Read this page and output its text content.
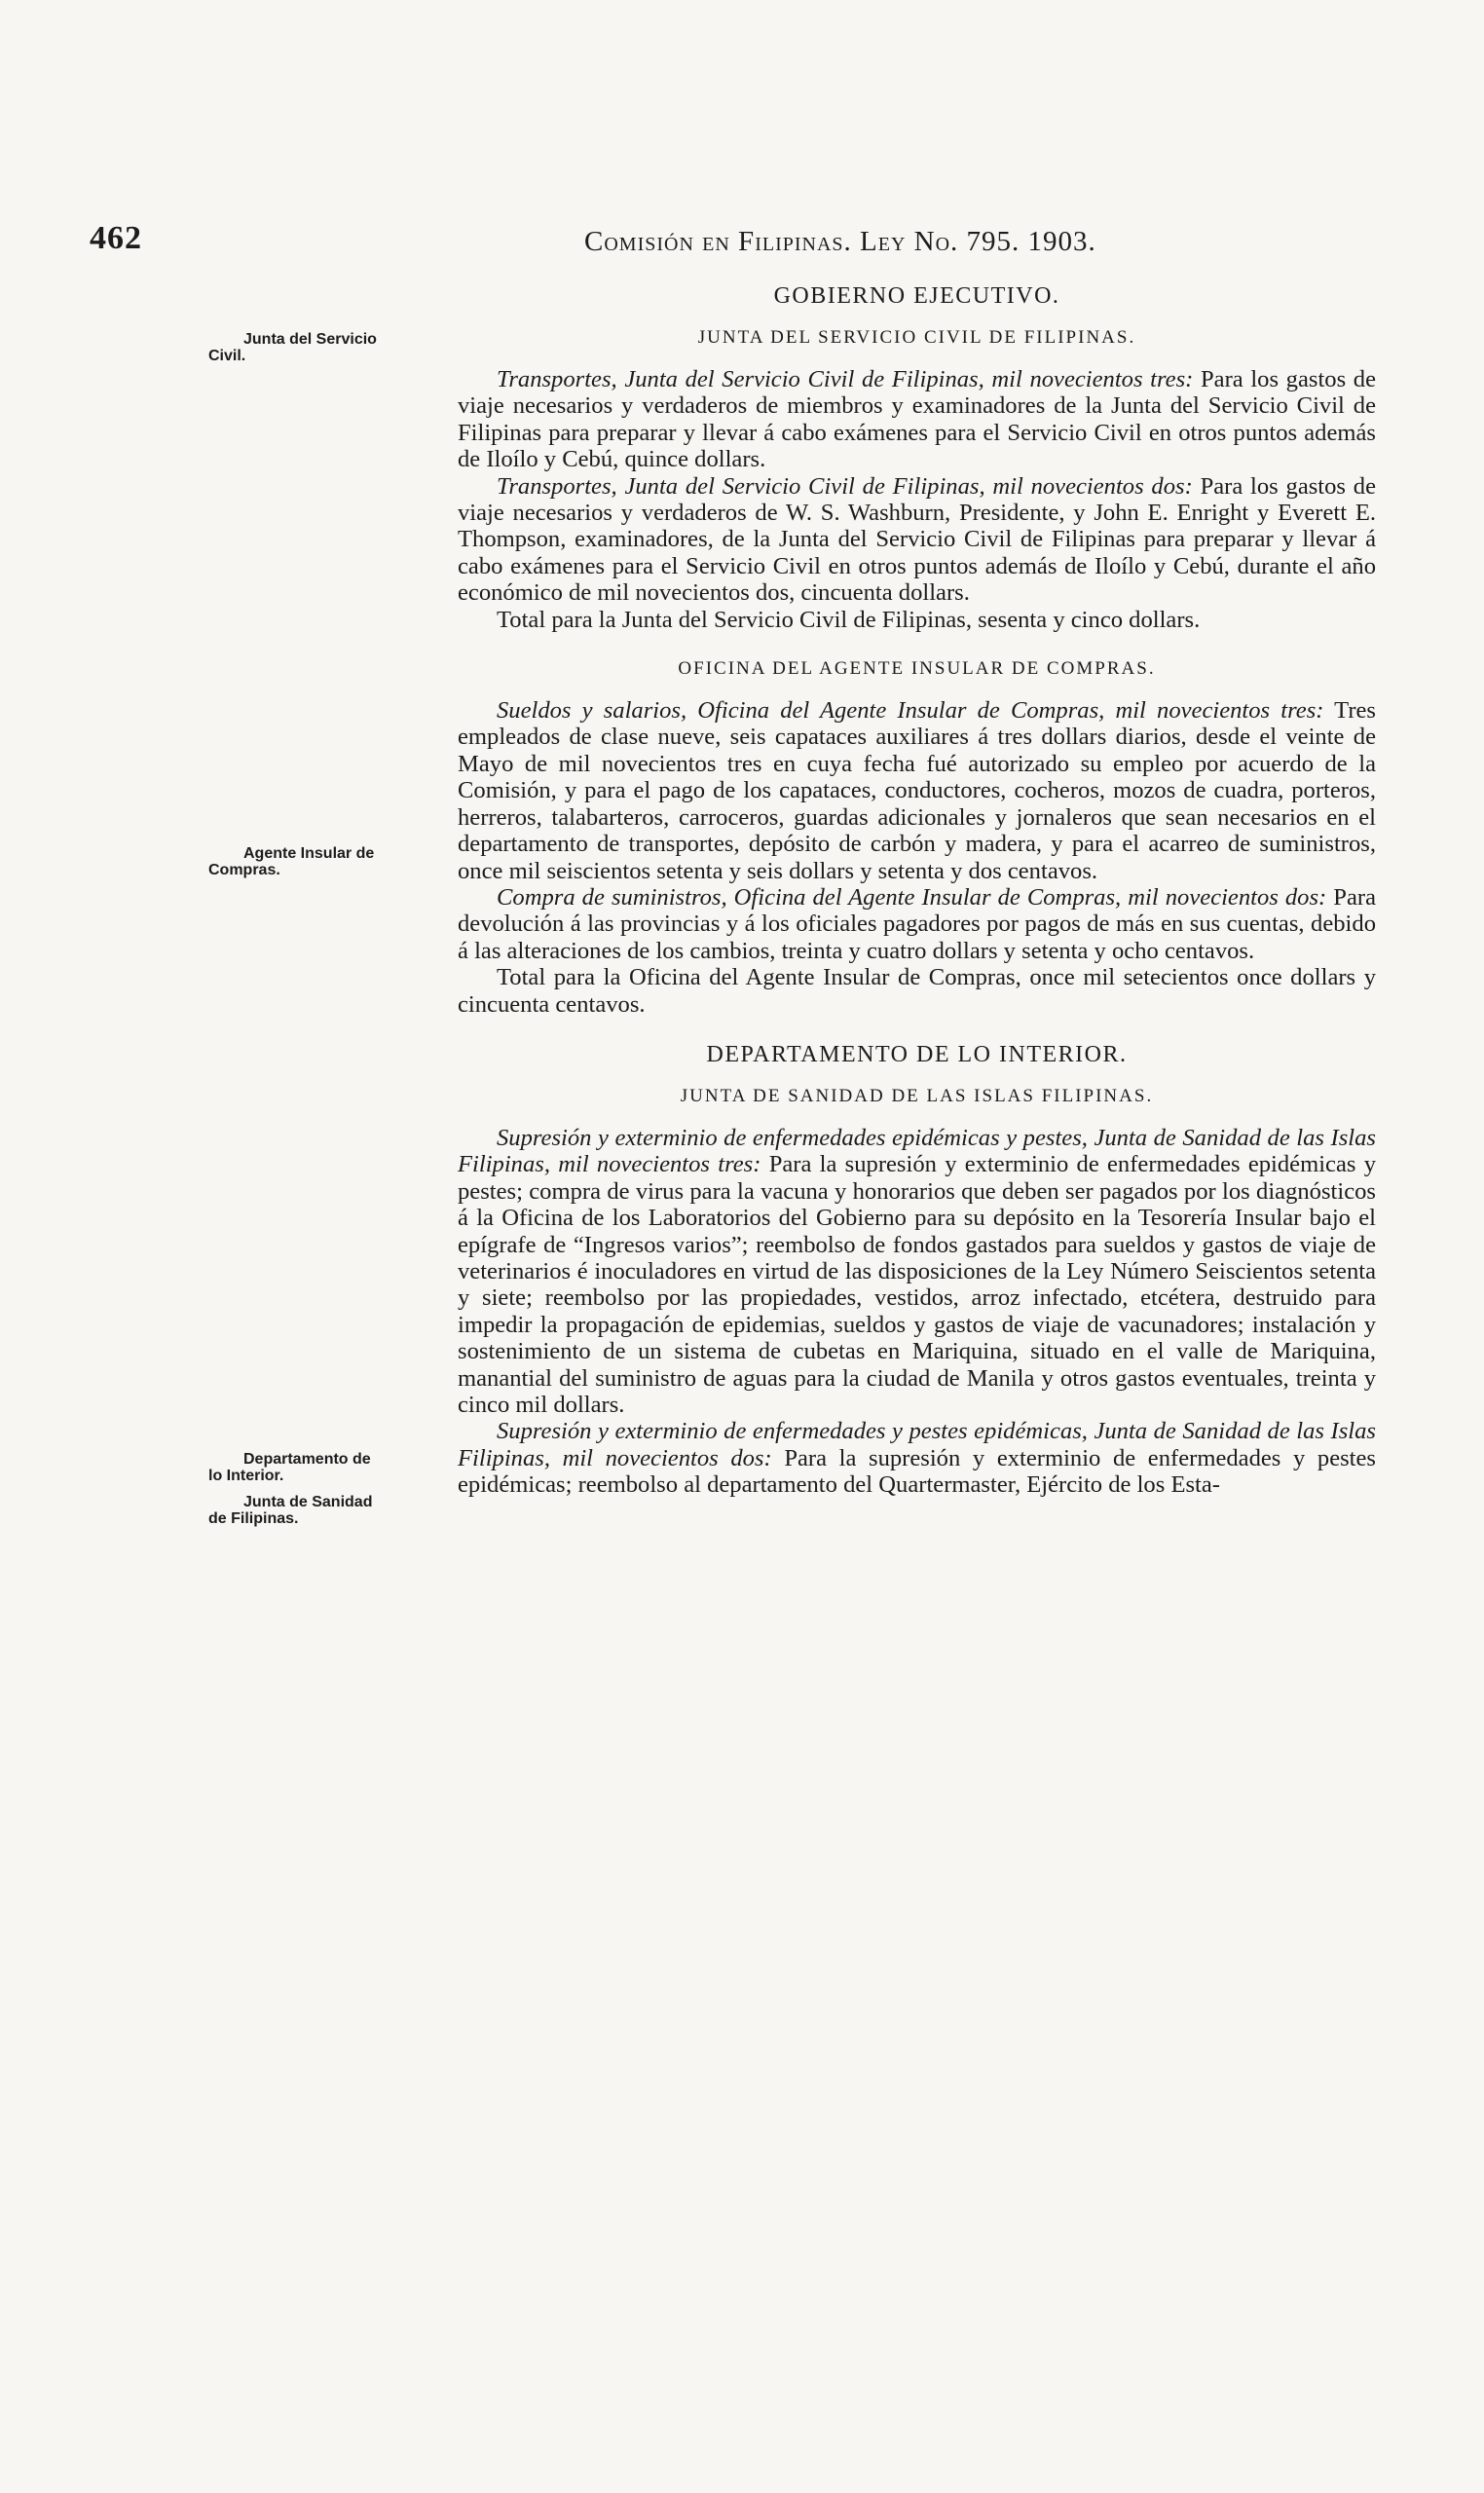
462	Comisión en Filipinas. Ley No. 795. 1903.
Junta del Servicio
Civil.
Agente Insular de
Compras.
Departamento de
lo Interior.
Junta de Sanidad
de Filipinas.
GOBIERNO EJECUTIVO.
JUNTA DEL SERVICIO CIVIL DE FILIPINAS.

Transportes, Junta del Servicio Civil de Filipinas, mil novecientos tres: Para los gastos de viaje necesarios y verdaderos de miembros y examinadores de la Junta del Servicio Civil de Filipinas para preparar y llevar á cabo exámenes para el Servicio Civil en otros puntos además de Iloílo y Cebú, quince dollars.

Transportes, Junta del Servicio Civil de Filipinas, mil novecientos dos: Para los gastos de viaje necesarios y verdaderos de W. S. Washburn, Presidente, y John E. Enright y Everett E. Thompson, examinadores, de la Junta del Servicio Civil de Filipinas para preparar y llevar á cabo exámenes para el Servicio Civil en otros puntos además de Iloílo y Cebú, durante el año económico de mil novecientos dos, cincuenta dollars.

Total para la Junta del Servicio Civil de Filipinas, sesenta y cinco dollars.

OFICINA DEL AGENTE INSULAR DE COMPRAS.

Sueldos y salarios, Oficina del Agente Insular de Compras, mil novecientos tres: Tres empleados de clase nueve, seis capataces auxiliares á tres dollars diarios, desde el veinte de Mayo de mil novecientos tres en cuya fecha fué autorizado su empleo por acuerdo de la Comisión, y para el pago de los capataces, conductores, cocheros, mozos de cuadra, porteros, herreros, talabarteros, carroceros, guardas adicionales y jornaleros que sean necesarios en el departamento de transportes, depósito de carbón y madera, y para el acarreo de suministros, once mil seiscientos setenta y seis dollars y setenta y dos centavos.

Compra de suministros, Oficina del Agente Insular de Compras, mil novecientos dos: Para devolución á las provincias y á los oficiales pagadores por pagos de más en sus cuentas, debido á las alteraciones de los cambios, treinta y cuatro dollars y setenta y ocho centavos.

Total para la Oficina del Agente Insular de Compras, once mil setecientos once dollars y cincuenta centavos.

DEPARTAMENTO DE LO INTERIOR.
JUNTA DE SANIDAD DE LAS ISLAS FILIPINAS.

Supresión y exterminio de enfermedades epidémicas y pestes, Junta de Sanidad de las Islas Filipinas, mil novecientos tres: Para la supresión y exterminio de enfermedades epidémicas y pestes; compra de virus para la vacuna y honorarios que deben ser pagados por los diagnósticos á la Oficina de los Laboratorios del Gobierno para su depósito en la Tesorería Insular bajo el epígrafe de “Ingresos varios”; reembolso de fondos gastados para sueldos y gastos de viaje de veterinarios é inoculadores en virtud de las disposiciones de la Ley Número Seiscientos setenta y siete; reembolso por las propiedades, vestidos, arroz infectado, etcétera, destruido para impedir la propagación de epidemias, sueldos y gastos de viaje de vacunadores; instalación y sostenimiento de un sistema de cubetas en Mariquina, situado en el valle de Mariquina, manantial del suministro de aguas para la ciudad de Manila y otros gastos eventuales, treinta y cinco mil dollars.

Supresión y exterminio de enfermedades y pestes epidémicas, Junta de Sanidad de las Islas Filipinas, mil novecientos dos: Para la supresión y exterminio de enfermedades y pestes epidémicas; reembolso al departamento del Quartermaster, Ejército de los Esta-
